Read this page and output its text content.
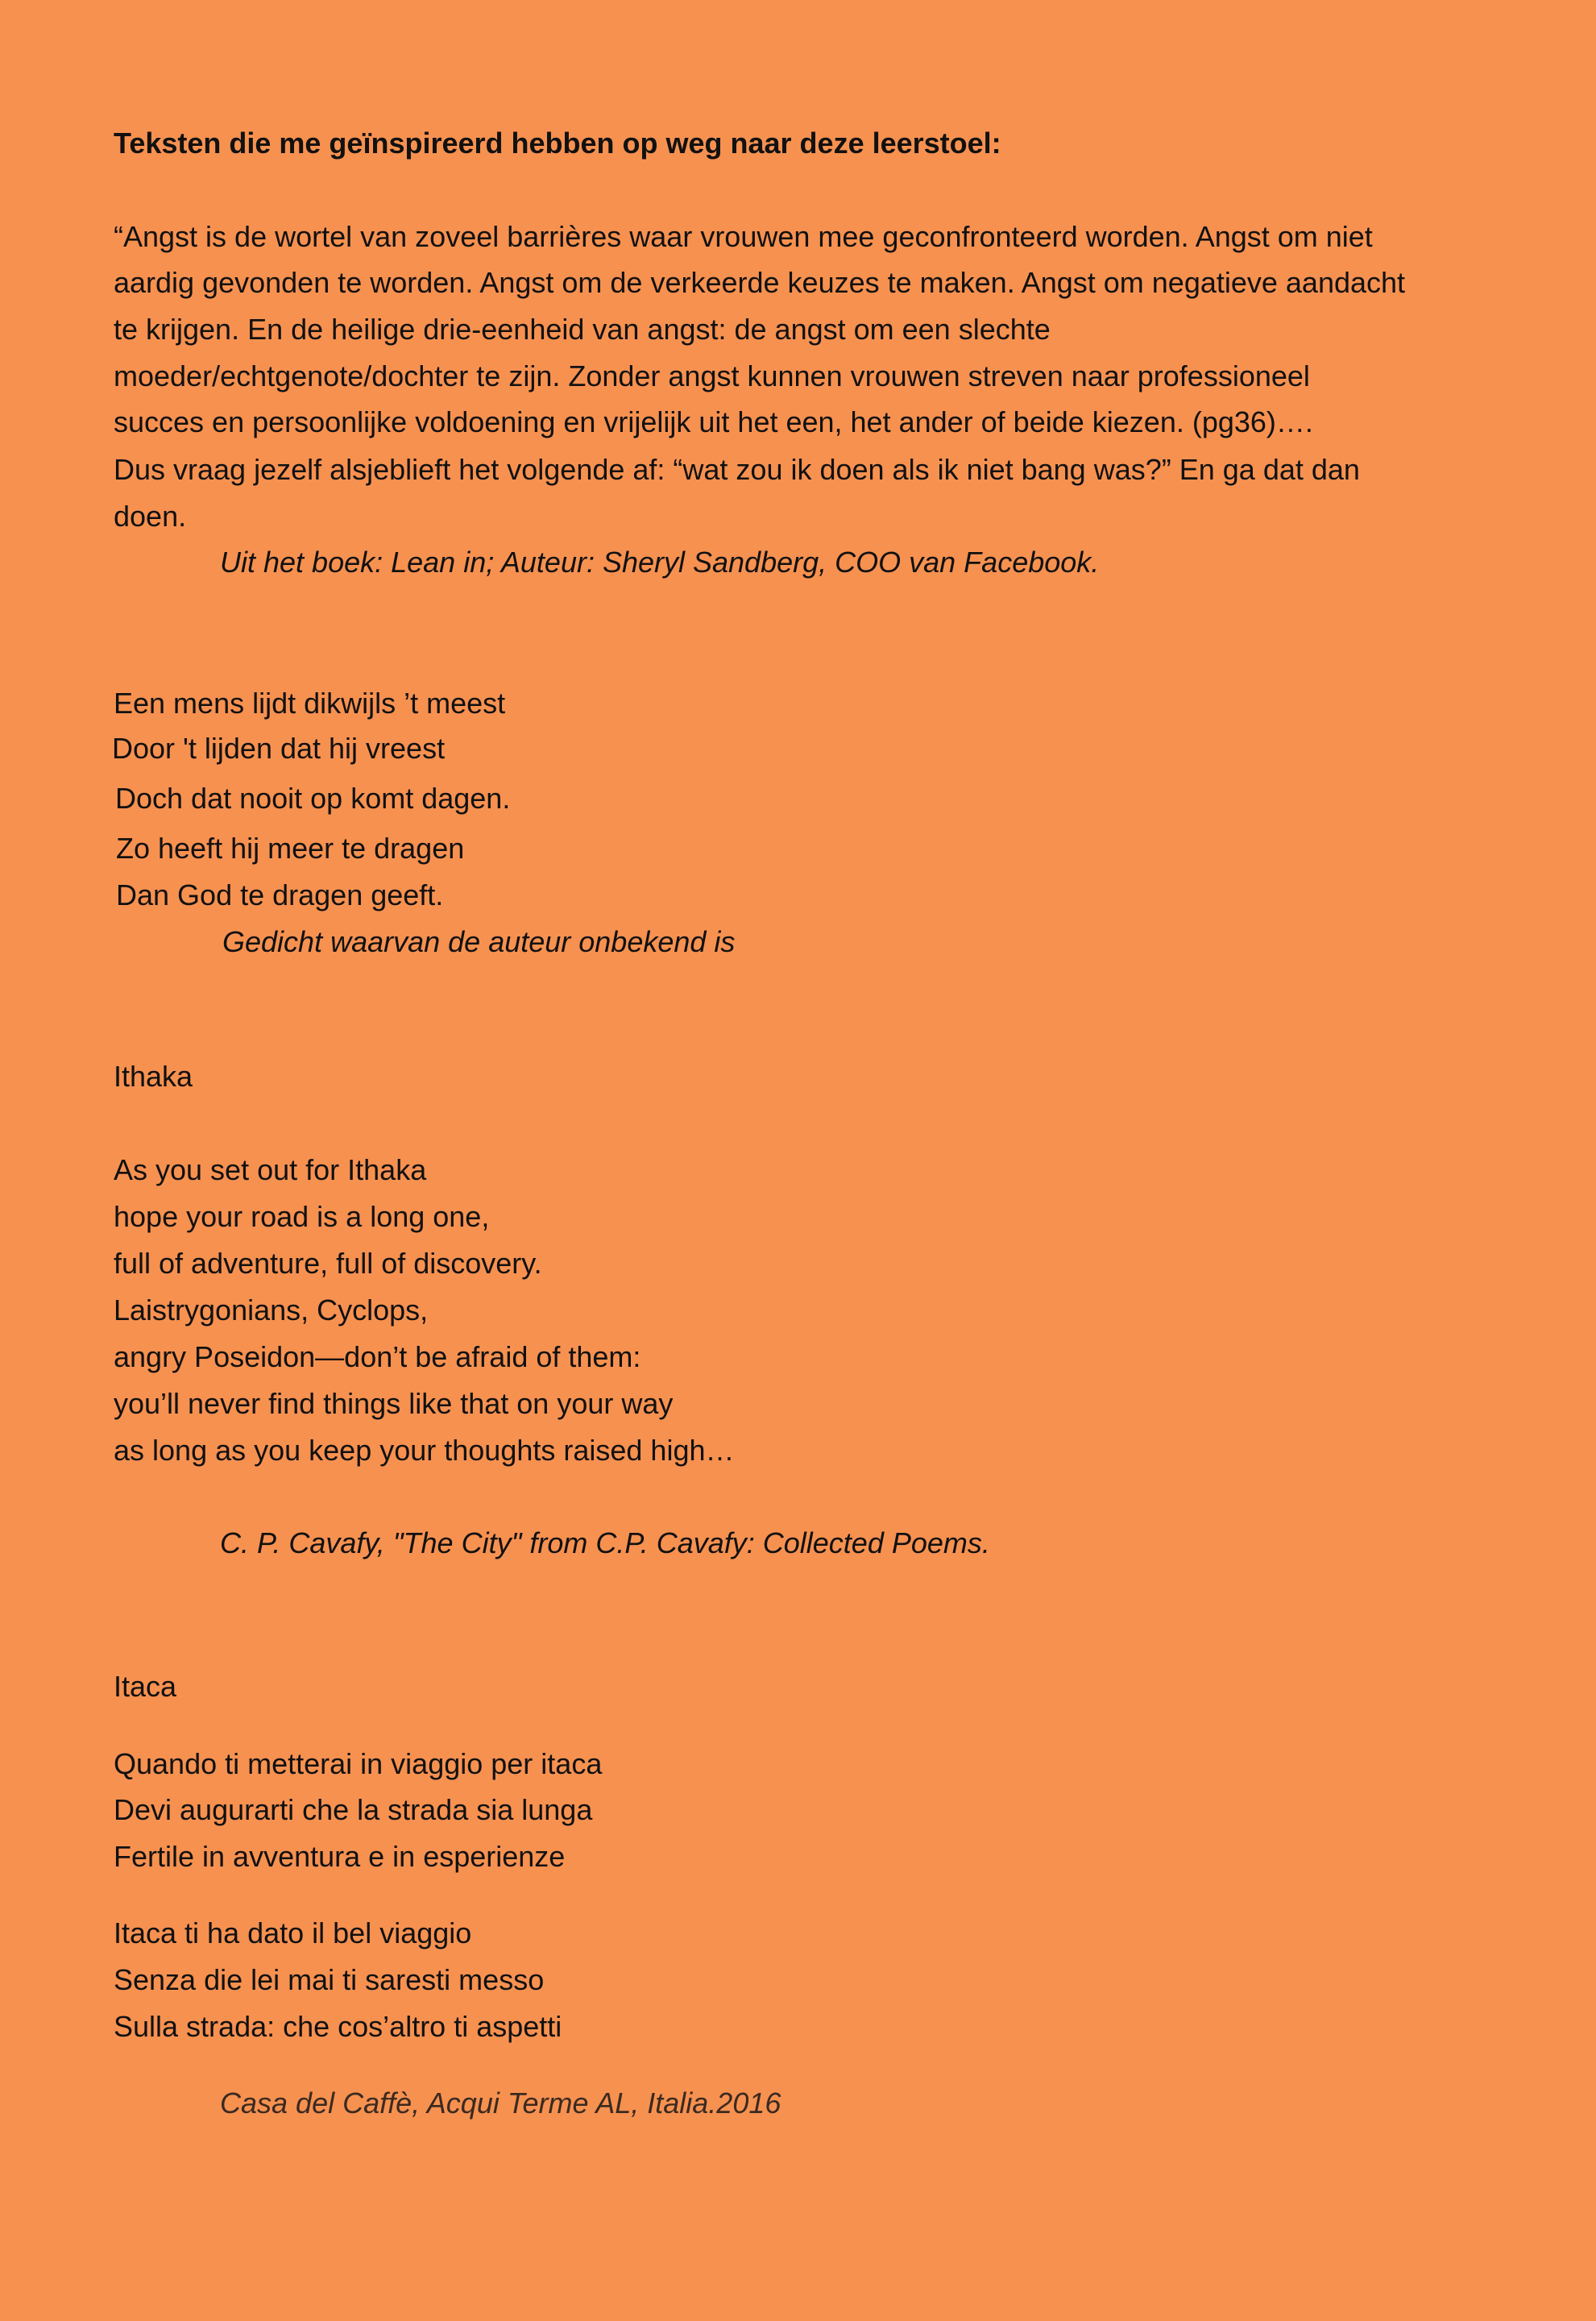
Teksten die me geïnspireerd hebben op weg naar deze leerstoel:

“Angst is de wortel van zoveel barrières waar vrouwen mee geconfronteerd worden. Angst om niet

aardig gevonden te worden. Angst om de verkeerde keuzes te maken. Angst om negatieve aandacht

te krijgen. En de heilige drie-eenheid van angst: de angst om een slechte

moeder/echtgenote/dochter te zijn. Zonder angst kunnen vrouwen streven naar professioneel

succes en persoonlijke voldoening en vrijelijk uit het een, het ander of beide kiezen. (pg36)….

Dus vraag jezelf alsjeblieft het volgende af: “wat zou ik doen als ik niet bang was?” En ga dat dan

doen.

Uit het boek: Lean in; Auteur: Sheryl Sandberg, COO van Facebook.

Een mens lijdt dikwijls ’t meest

Door 't lijden dat hij vreest

Doch dat nooit op komt dagen.

Zo heeft hij meer te dragen

Dan God te dragen geeft.

Gedicht waarvan de auteur onbekend is

Ithaka

As you set out for Ithaka

hope your road is a long one,

full of adventure, full of discovery.

Laistrygonians, Cyclops,

angry Poseidon—don’t be afraid of them:

you’ll never find things like that on your way

as long as you keep your thoughts raised high…

C. P. Cavafy, "The City" from C.P. Cavafy: Collected Poems.

Itaca

Quando ti metterai in viaggio per itaca

Devi augurarti che la strada sia lunga

Fertile in avventura e in esperienze

Itaca ti ha dato il bel viaggio

Senza die lei mai ti saresti messo

Sulla strada: che cos’altro ti aspetti

Casa del Caffè, Acqui Terme AL, Italia.2016
